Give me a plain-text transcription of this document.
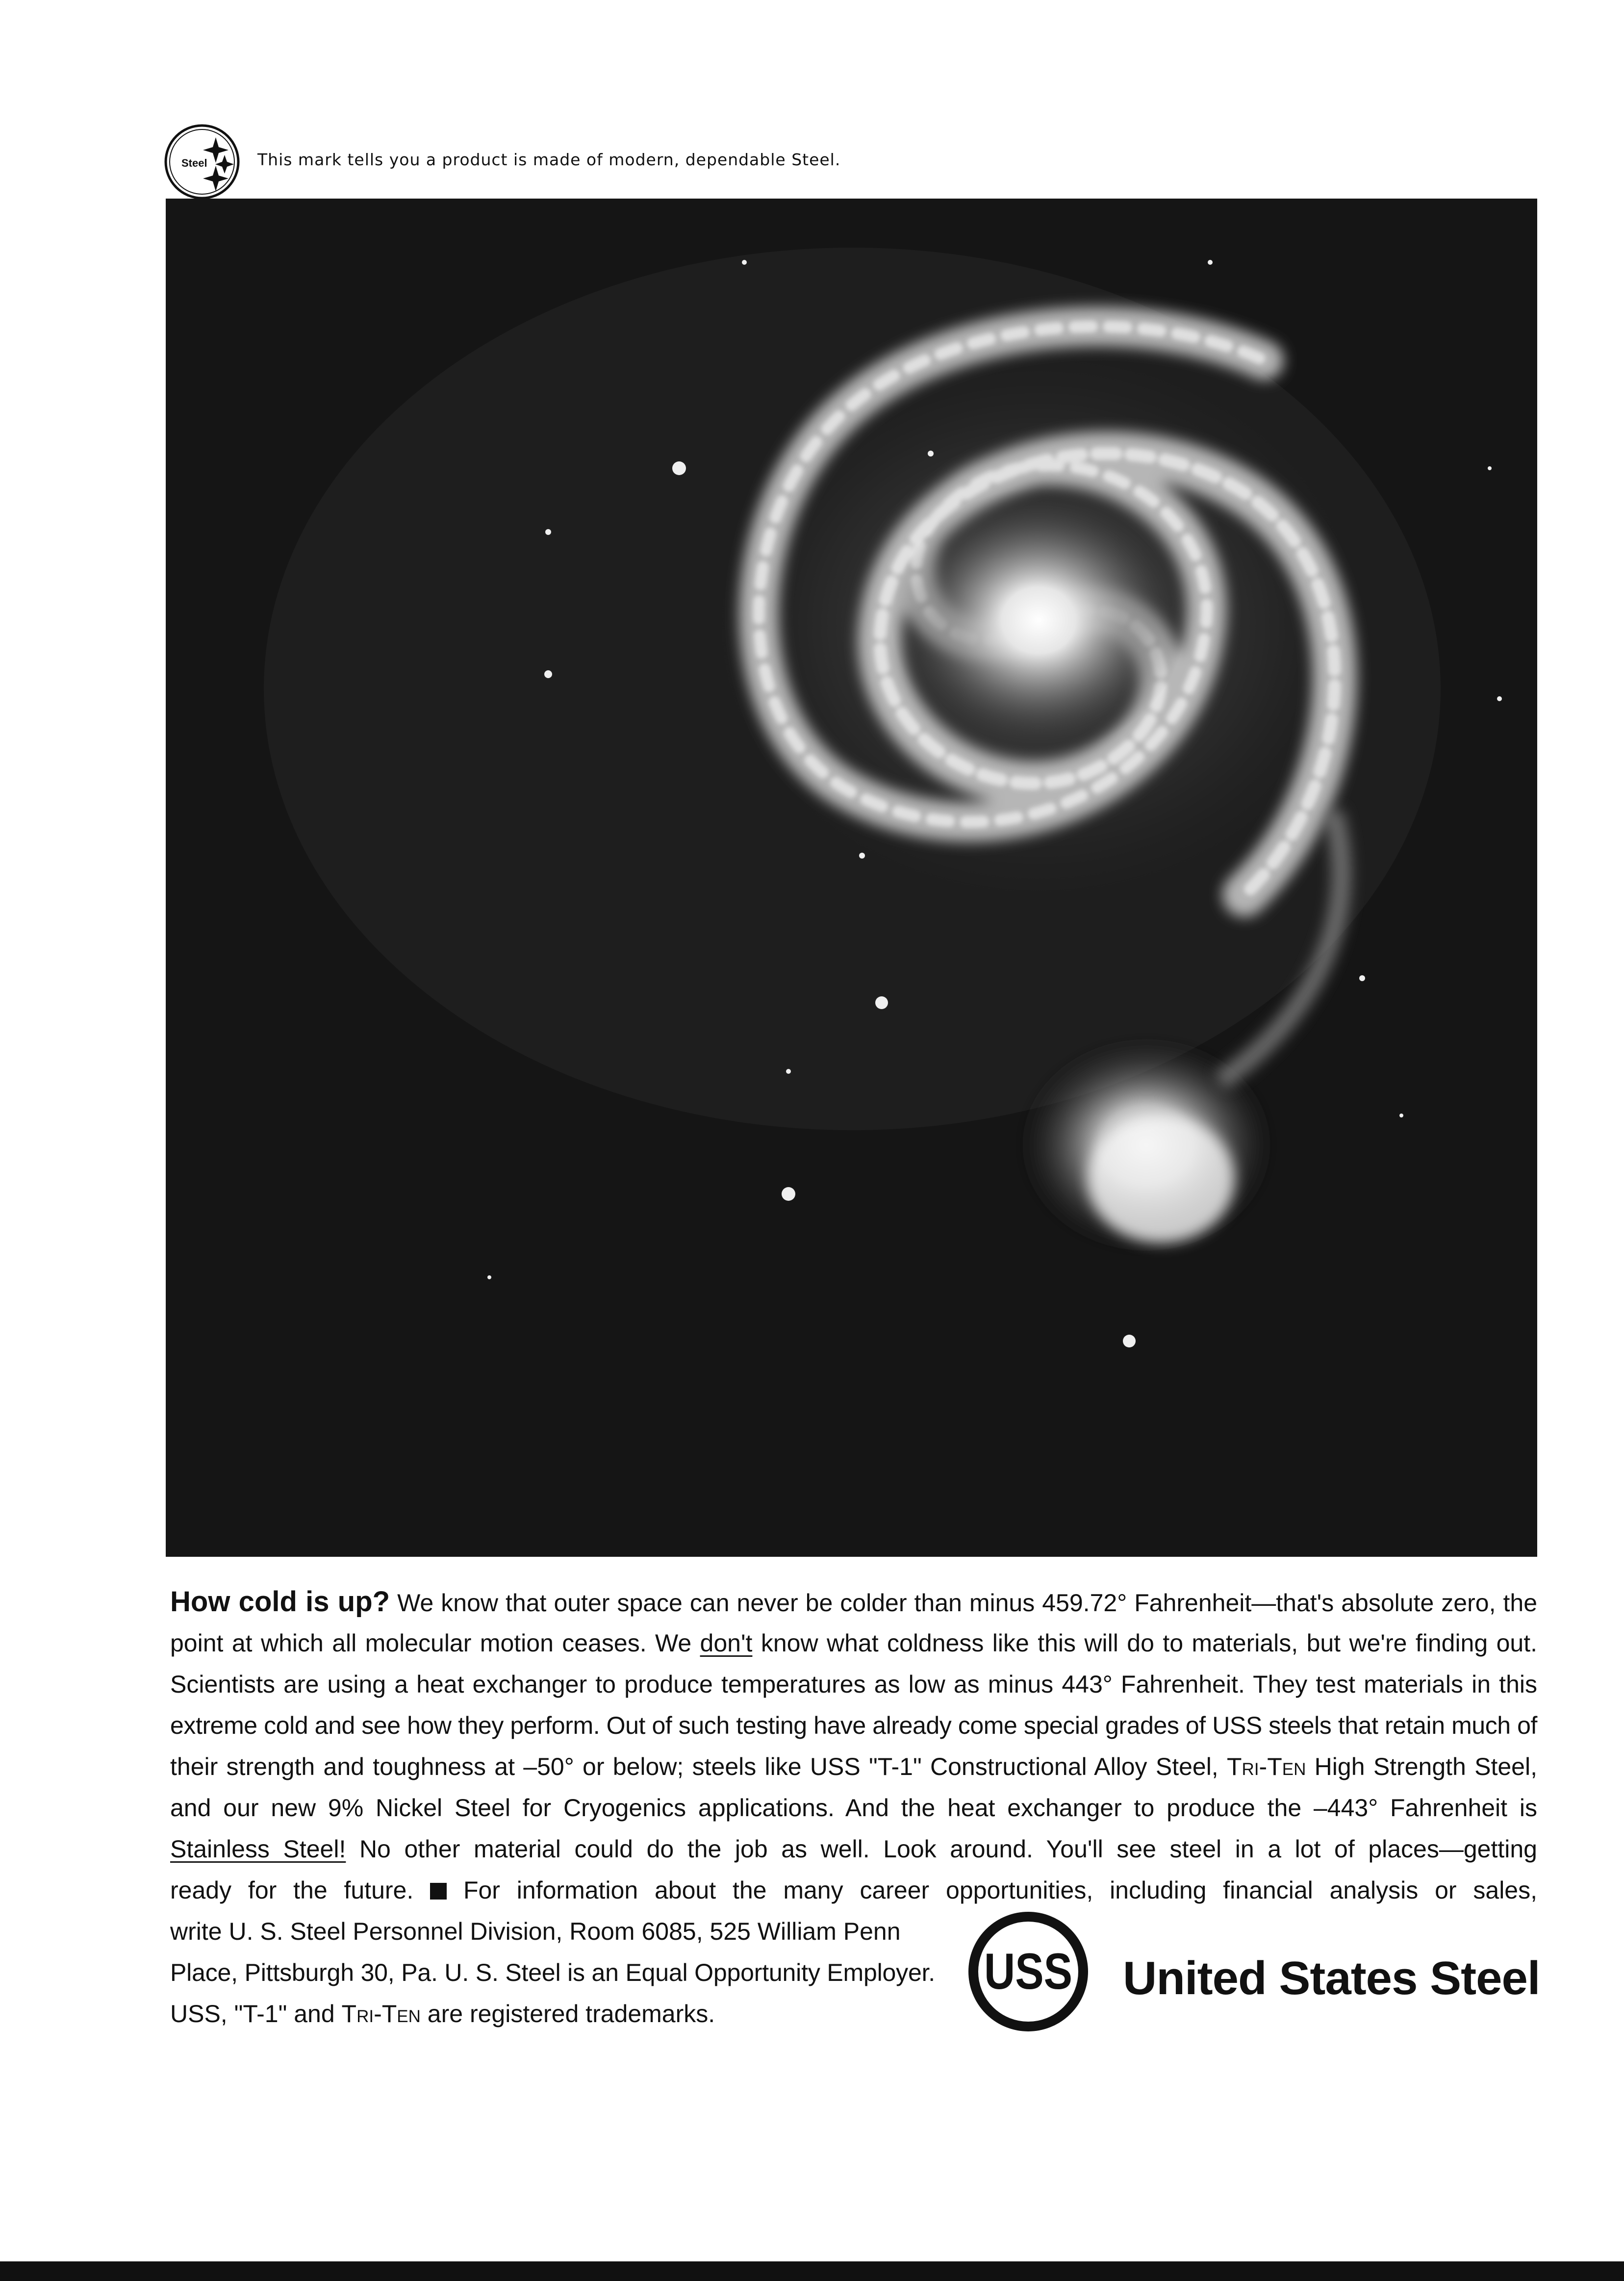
Steel	This mark tells you a product is made of modern, dependable Steel.
How cold is up? We know that outer space can never be colder than minus 459.72° Fahrenheit—that's absolute zero, the
point at which all molecular motion ceases. We don't know what coldness like this will do to materials, but we're finding out.
Scientists are using a heat exchanger to produce temperatures as low as minus 443° Fahrenheit. They test materials in this
extreme cold and see how they perform. Out of such testing have already come special grades of USS steels that retain much of
their strength and toughness at –50° or below; steels like USS "T-1" Constructional Alloy Steel, Tri-Ten High Strength Steel,
and our new 9% Nickel Steel for Cryogenics applications. And the heat exchanger to produce the –443° Fahrenheit is
Stainless Steel! No other material could do the job as well. Look around. You'll see steel in a lot of places—getting
ready for the future.  For information about the many career opportunities, including financial analysis or sales,
write U. S. Steel Personnel Division, Room 6085, 525 William Penn
Place, Pittsburgh 30, Pa. U. S. Steel is an Equal Opportunity Employer.
USS, "T-1" and Tri-Ten are registered trademarks.
USS United States Steel
